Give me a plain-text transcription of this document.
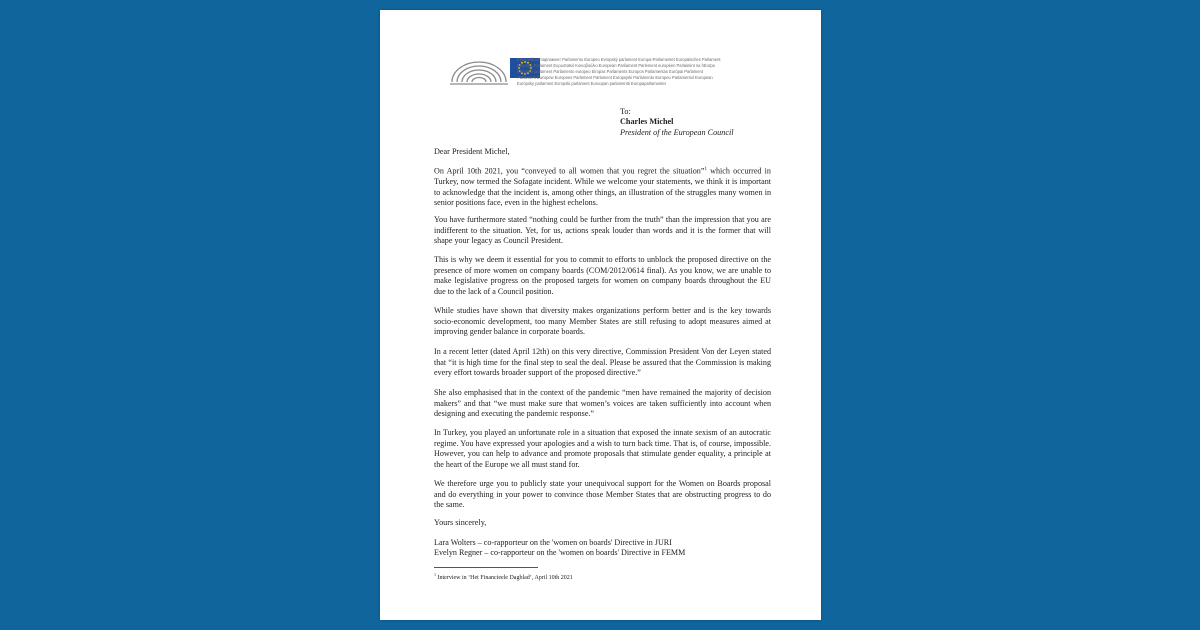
Европейски парламент Parlamento Europeo Evropský parlament Europa-Parlamentet Europäisches Parlament
Euroopa Parlament Ευρωπαϊκό Κοινοβούλιο European Parliament Parlement européen Parlaimint na hEorpa
Europski parlament Parlamento europeo Eiropas Parlaments Europos Parlamentas Európai Parlament
Parlament Ewropew Europees Parlement Parlament Europejski Parlamento Europeu Parlamentul European
Európsky parlament Evropski parlament Euroopan parlamentti Europaparlamentet
To:
Charles Michel
President of the European Council
Dear President Michel,
On April 10th 2021, you “conveyed to all women that you regret the situation”$^1$ which occurred in Turkey, now termed the Sofagate incident. While we welcome your statements, we think it is important to acknowledge that the incident is, among other things, an illustration of the struggles many women in senior positions face, even in the highest echelons.
You have furthermore stated “nothing could be further from the truth” than the impression that you are indifferent to the situation. Yet, for us, actions speak louder than words and it is the former that will shape your legacy as Council President.
This is why we deem it essential for you to commit to efforts to unblock the proposed directive on the presence of more women on company boards (COM/2012/0614 final). As you know, we are unable to make legislative progress on the proposed targets for women on company boards throughout the EU due to the lack of a Council position.
While studies have shown that diversity makes organizations perform better and is the key towards socio-economic development, too many Member States are still refusing to adopt measures aimed at improving gender balance in corporate boards.
In a recent letter (dated April 12th) on this very directive, Commission President Von der Leyen stated that “it is high time for the final step to seal the deal. Please be assured that the Commission is making every effort towards broader support of the proposed directive.”
She also emphasised that in the context of the pandemic “men have remained the majority of decision makers” and that “we must make sure that women’s voices are taken sufficiently into account when designing and executing the pandemic response.”
In Turkey, you played an unfortunate role in a situation that exposed the innate sexism of an autocratic regime. You have expressed your apologies and a wish to turn back time. That is, of course, impossible. However, you can help to advance and promote proposals that stimulate gender equality, a principle at the heart of the Europe we all must stand for.
We therefore urge you to publicly state your unequivocal support for the Women on Boards proposal and do everything in your power to convince those Member States that are obstructing progress to do the same.
Yours sincerely,
Lara Wolters – co-rapporteur on the 'women on boards' Directive in JURI
Evelyn Regner – co-rapporteur on the 'women on boards' Directive in FEMM
$^1$ Interview in ‘Het Financieele Dagblad’, April 10th 2021
